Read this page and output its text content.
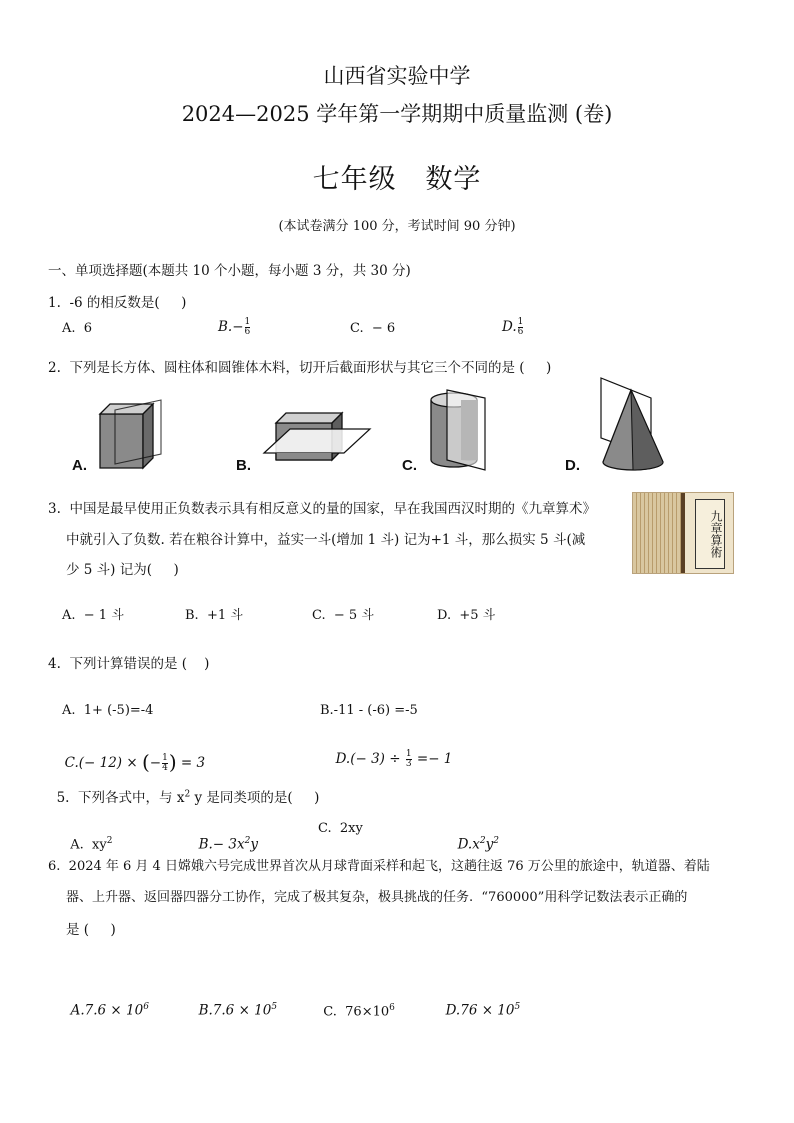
山西省实验中学
2024—2025 学年第一学期期中质量监测 (卷)
七年级   数学
(本试卷满分 100 分，考试时间 90 分钟)
一、单项选择题(本题共 10 个小题，每小题 3 分，共 30 分)
1.  -6 的相反数是(     )
A.  6	$B.- \frac{1}{6}$	C.  − 6	D. $\frac{1}{6}$
2.  下列是长方体、圆柱体和圆锥体木料，切开后截面形状与其它三个不同的是 (     )
A.	B.	C.	D.
3.  中国是最早使用正负数表示具有相反意义的量的国家，早在我国西汉时期的《九章算术》
中就引入了负数. 若在粮谷计算中，益实一斗(增加 1 斗) 记为+1 斗，那么损实 5 斗(减
少 5 斗) 记为(     )
九章算術
A.  − 1 斗	B.  +1 斗	C.  − 5 斗	D.  +5 斗
4.  下列计算错误的是 (    )
A.  1+ (-5)=-4	B.-11 - (-6) =-5

C.(− 12) × (− $\frac{1}{4}$ ) = 3	$D.(- 3) \div \frac{1}{3} =- 1$

5.  下列各式中，与 $x^2$ y 是同类项的是(     )

A.  $xy^2$	$B.- 3x^2y$

C.  2xy

$D.x^2y^2$

6.  2024 年 6 月 4 日嫦娥六号完成世界首次从月球背面采样和起飞，这趟往返 76 万公里的旅途中，轨道器、着陆
器、上升器、返回器四器分工协作，完成了极其复杂，极具挑战的任务.  “760000”用科学记数法表示正确的
是 (     )

$A.7.6 \times 10^6$	$B.7.6 \times 10^5$	C.  $76\times 10^6$	$D.76 \times 10^5$
